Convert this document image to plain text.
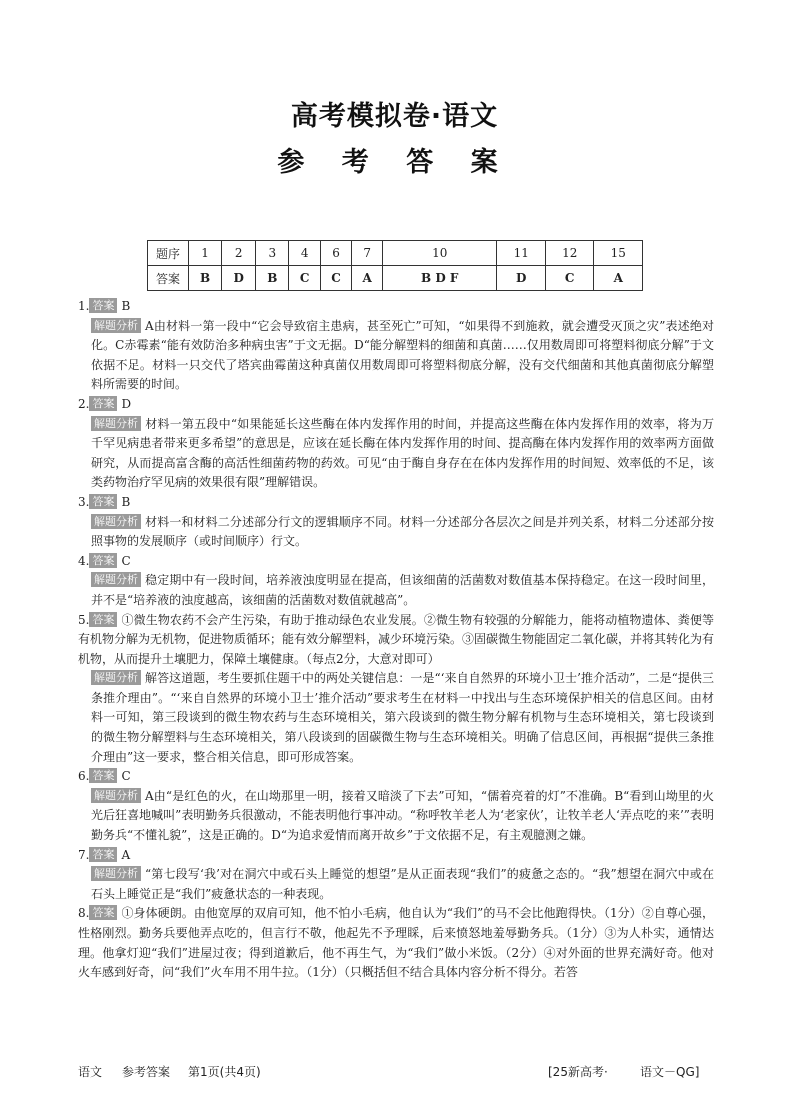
高考模拟卷·语文
参 考 答 案
题序	1	2	3	4	6	7	10	11	12	15
答案	B	D	B	C	C	A	B D F	D	C	A
1. 答案 B
解题分析 A由材料一第一段中“它会导致宿主患病，甚至死亡”可知，“如果得不到施救，就会遭受灭顶之灾”表述绝对化。C赤霉素“能有效防治多种病虫害”于文无据。D“能分解塑料的细菌和真菌……仅用数周即可将塑料彻底分解”于文依据不足。材料一只交代了塔宾曲霉菌这种真菌仅用数周即可将塑料彻底分解，没有交代细菌和其他真菌彻底分解塑料所需要的时间。
2. 答案 D
解题分析 材料一第五段中“如果能延长这些酶在体内发挥作用的时间，并提高这些酶在体内发挥作用的效率，将为万千罕见病患者带来更多希望”的意思是，应该在延长酶在体内发挥作用的时间、提高酶在体内发挥作用的效率两方面做研究，从而提高富含酶的高活性细菌药物的药效。可见“由于酶自身存在在体内发挥作用的时间短、效率低的不足，该类药物治疗罕见病的效果很有限”理解错误。
3. 答案 B
解题分析 材料一和材料二分述部分行文的逻辑顺序不同。材料一分述部分各层次之间是并列关系，材料二分述部分按照事物的发展顺序（或时间顺序）行文。
4. 答案 C
解题分析 稳定期中有一段时间，培养液浊度明显在提高，但该细菌的活菌数对数值基本保持稳定。在这一段时间里，并不是“培养液的浊度越高，该细菌的活菌数对数值就越高”。
5. 答案 ①微生物农药不会产生污染，有助于推动绿色农业发展。②微生物有较强的分解能力，能将动植物遗体、粪便等有机物分解为无机物，促进物质循环；能有效分解塑料，减少环境污染。③固碳微生物能固定二氧化碳，并将其转化为有机物，从而提升土壤肥力，保障土壤健康。（每点2分，大意对即可）
解题分析 解答这道题，考生要抓住题干中的两处关键信息：一是“‘来自自然界的环境小卫士’推介活动”，二是“提供三条推介理由”。“‘来自自然界的环境小卫士’推介活动”要求考生在材料一中找出与生态环境保护相关的信息区间。由材料一可知，第三段谈到的微生物农药与生态环境相关，第六段谈到的微生物分解有机物与生态环境相关，第七段谈到的微生物分解塑料与生态环境相关，第八段谈到的固碳微生物与生态环境相关。明确了信息区间，再根据“提供三条推介理由”这一要求，整合相关信息，即可形成答案。
6. 答案 C
解题分析 A由“是红色的火，在山坳那里一明，接着又暗淡了下去”可知，“儒着亮着的灯”不准确。B“看到山坳里的火光后狂喜地喊叫”表明勤务兵很激动，不能表明他行事冲动。“称呼牧羊老人为‘老家伙’，让牧羊老人‘弄点吃的来’”表明勤务兵“不懂礼貌”，这是正确的。D“为追求爱情而离开故乡”于文依据不足，有主观臆测之嫌。
7. 答案 A
解题分析 “第七段写‘我’对在洞穴中或石头上睡觉的想望”是从正面表现“我们”的疲惫之态的。“我”想望在洞穴中或在石头上睡觉正是“我们”疲惫状态的一种表现。
8. 答案 ①身体硬朗。由他宽厚的双肩可知，他不怕小毛病，他自认为“我们”的马不会比他跑得快。（1分）②自尊心强，性格刚烈。勤务兵要他弄点吃的，但言行不敬，他起先不予理睬，后来愤怒地羞辱勤务兵。（1分）③为人朴实，通情达理。他拿灯迎“我们”进屋过夜；得到道歉后，他不再生气，为“我们”做小米饭。（2分）④对外面的世界充满好奇。他对火车感到好奇，问“我们”火车用不用牛拉。（1分）（只概括但不结合具体内容分析不得分。若答
语文 参考答案 第1页(共4页)	[25新高考·	语文－QG]
